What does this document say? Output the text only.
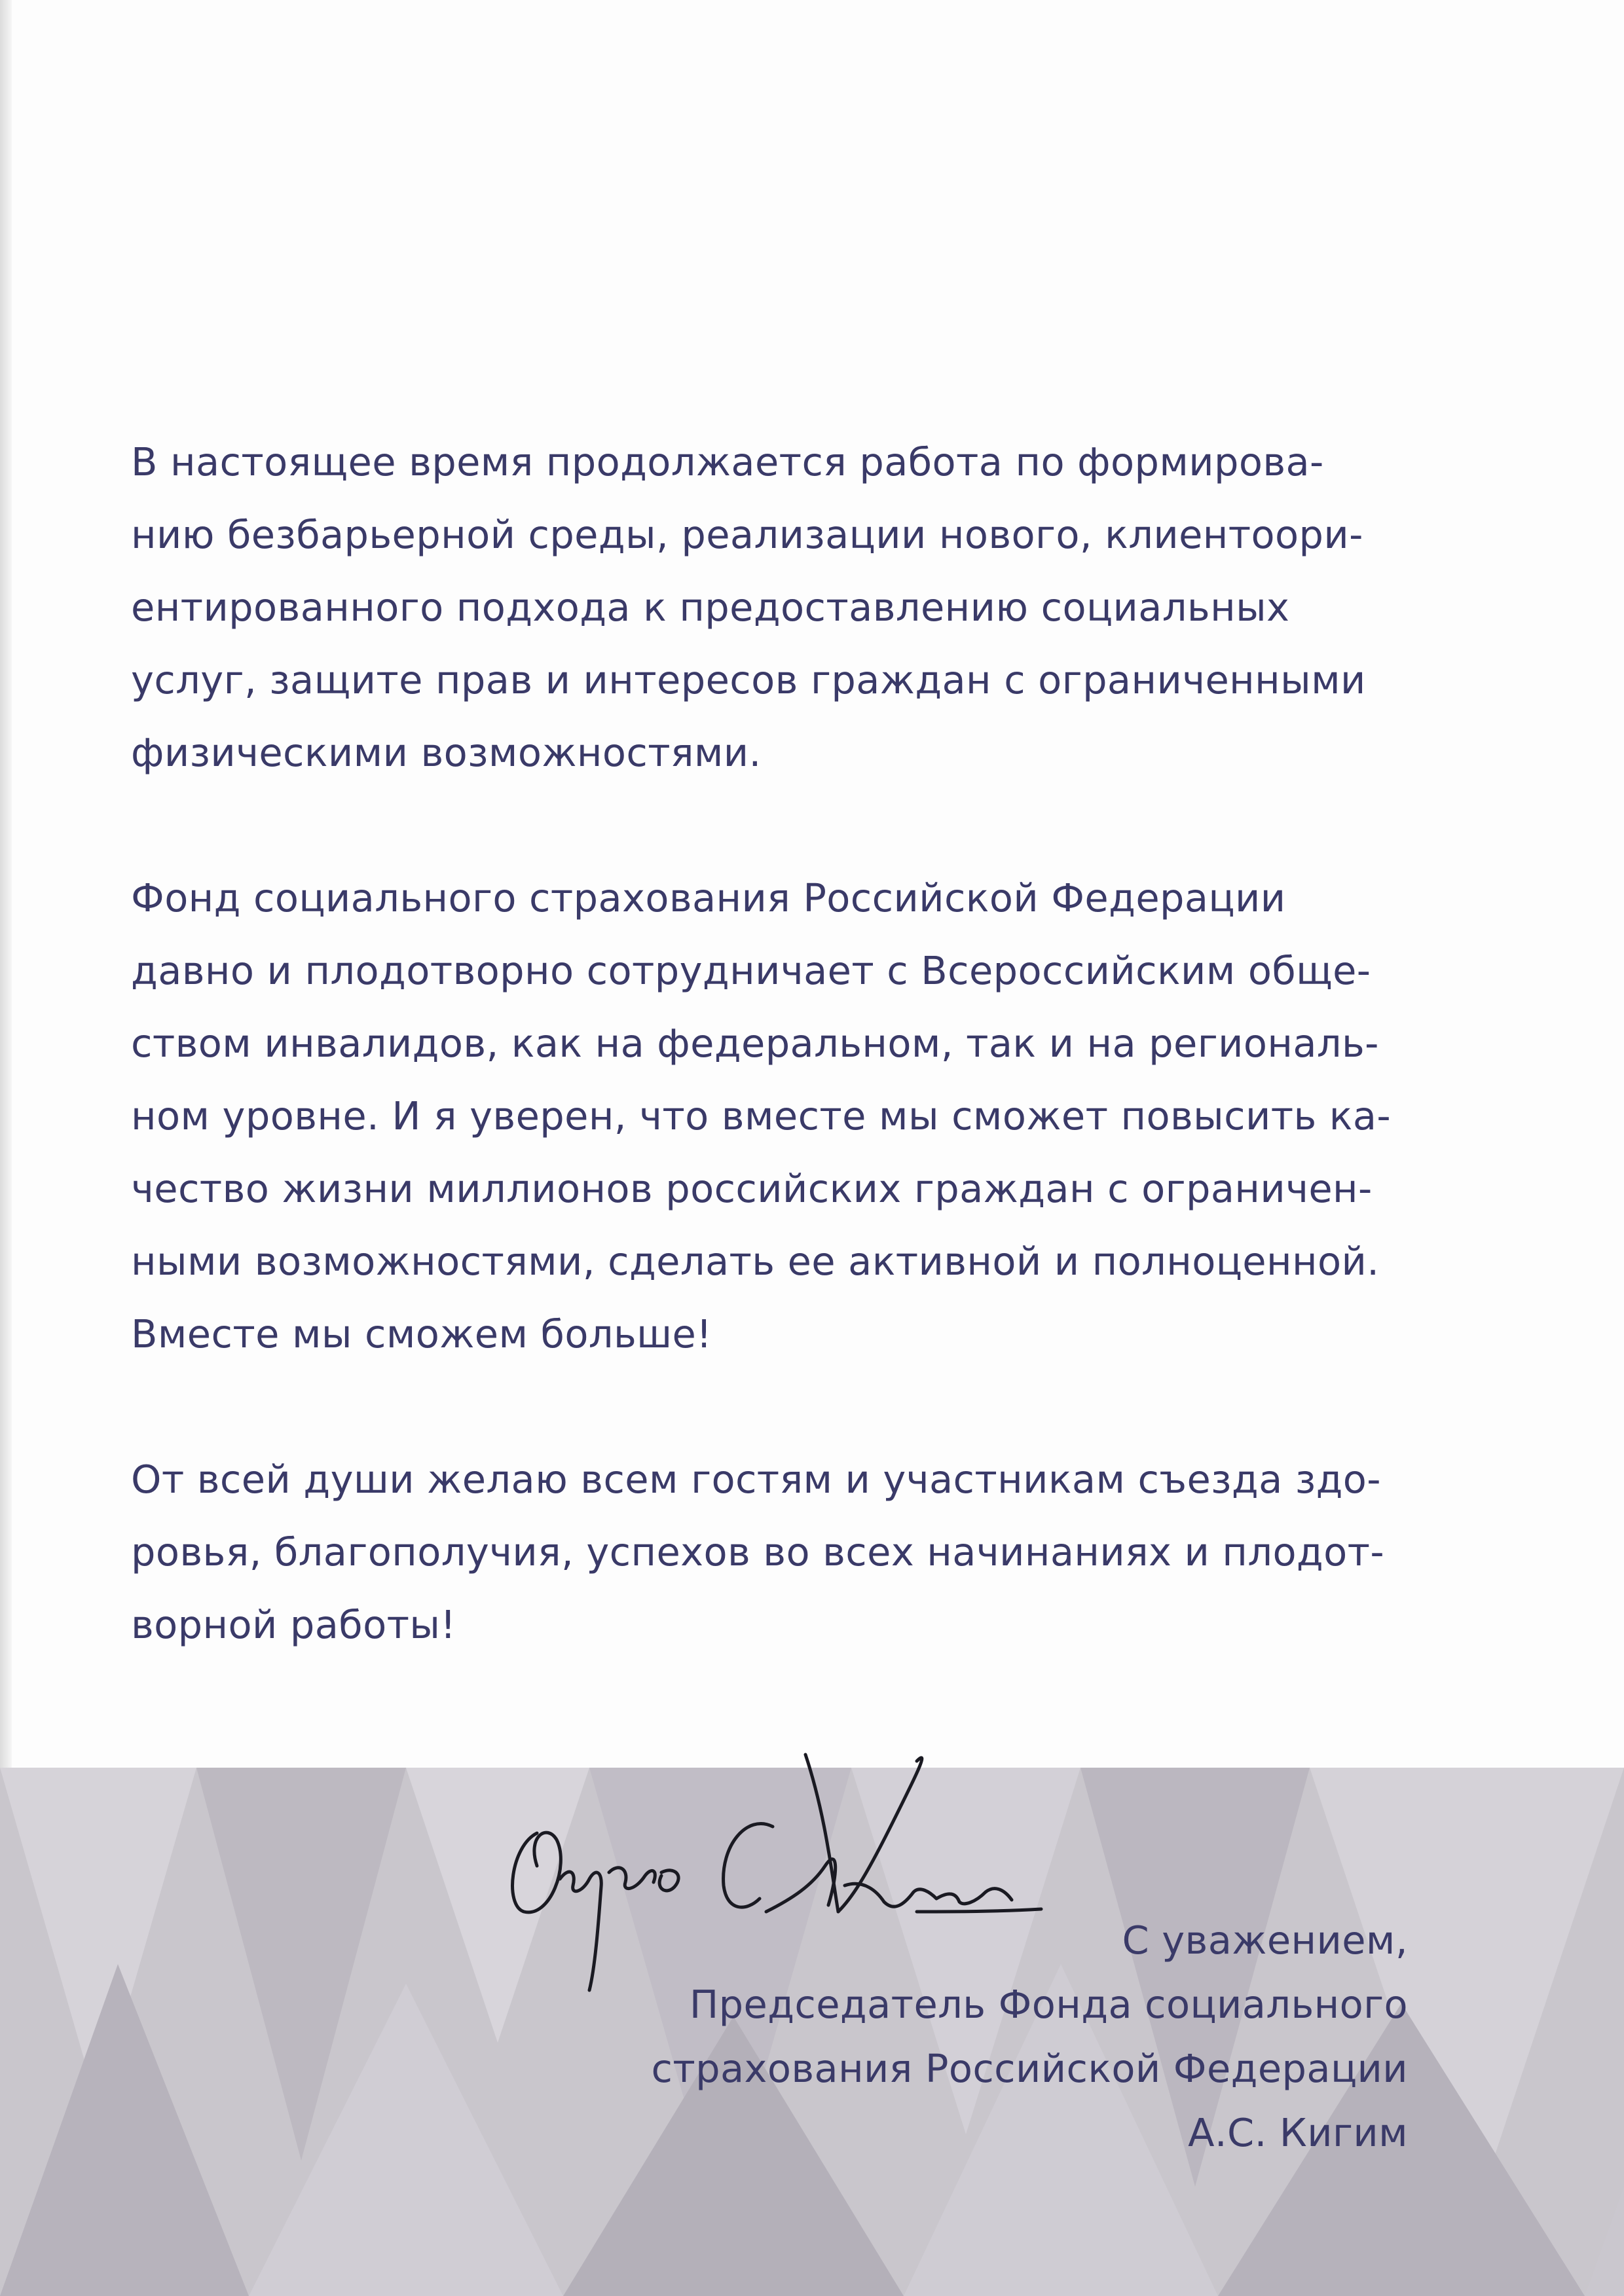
В настоящее время продолжается работа по формирова-
нию безбарьерной среды, реализации нового, клиентоори-
ентированного подхода к предоставлению социальных
услуг, защите прав и интересов граждан с ограниченными
физическими возможностями.

Фонд социального страхования Российской Федерации
давно и плодотворно сотрудничает с Всероссийским обще-
ством инвалидов, как на федеральном, так и на региональ-
ном уровне. И я уверен, что вместе мы сможет повысить ка-
чество жизни миллионов российских граждан с ограничен-
ными возможностями, сделать ее активной и полноценной.
Вместе мы сможем больше!

От всей души желаю всем гостям и участникам съезда здо-
ровья, благополучия, успехов во всех начинаниях и плодот-
ворной работы!

С уважением,
Председатель Фонда социального
страхования Российской Федерации
А.С. Кигим
